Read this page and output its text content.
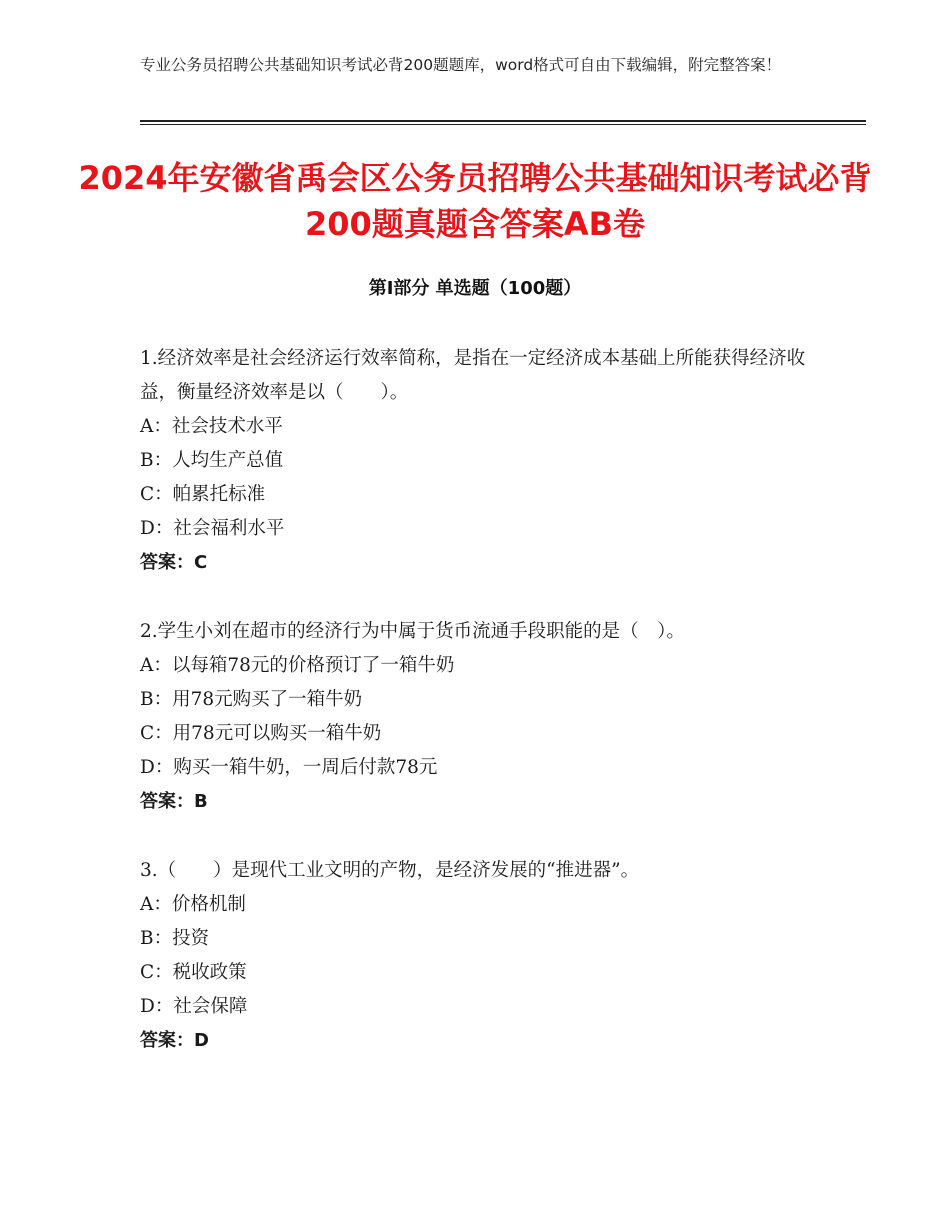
专业公务员招聘公共基础知识考试必背200题题库，word格式可自由下载编辑，附完整答案！
2024年安徽省禹会区公务员招聘公共基础知识考试必背200题真题含答案AB卷
第Ⅰ部分 单选题（100题）

1.经济效率是社会经济运行效率简称，是指在一定经济成本基础上所能获得经济收益，衡量经济效率是以（　　）。

A：社会技术水平

B：人均生产总值

C：帕累托标准

D：社会福利水平

答案：C

2.学生小刘在超市的经济行为中属于货币流通手段职能的是（　）。

A：以每箱78元的价格预订了一箱牛奶

B：用78元购买了一箱牛奶

C：用78元可以购买一箱牛奶

D：购买一箱牛奶，一周后付款78元

答案：B

3.（　　）是现代工业文明的产物，是经济发展的“推进器”。

A：价格机制

B：投资

C：税收政策

D：社会保障

答案：D
